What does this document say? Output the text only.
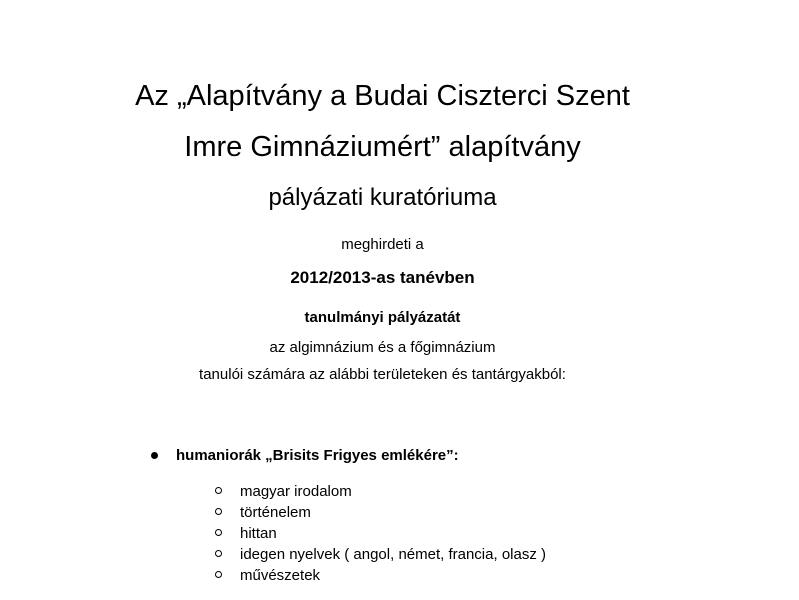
Az „Alapítvány a Budai Ciszterci Szent
Imre Gimnáziumért” alapítvány
pályázati kuratóriuma
meghirdeti a
2012/2013-as tanévben
tanulmányi pályázatát
az algimnázium és a főgimnázium
tanulói számára az alábbi területeken és tantárgyakból:
humaniorák „Brisits Frigyes emlékére”:
magyar irodalom
történelem
hittan
idegen nyelvek ( angol, német, francia, olasz )
művészetek
